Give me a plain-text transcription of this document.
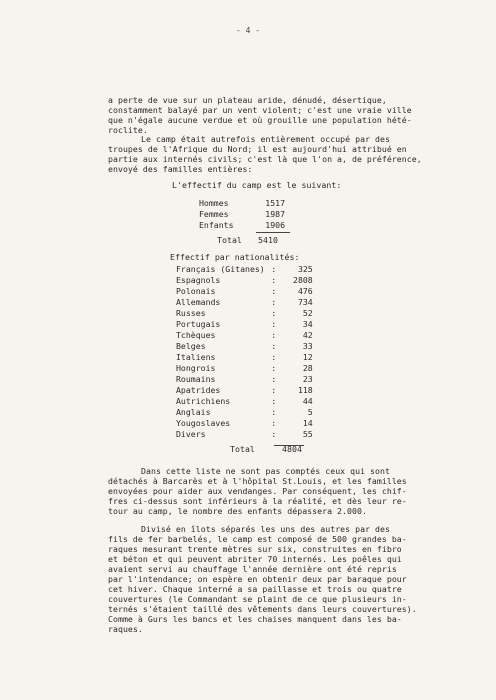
- 4 -
a perte de vue sur un plateau aride, dénudé, désertique,
constamment balayé par un vent violent; c'est une vraie ville
que n'égale aucune verdue et où grouille une population hété-
roclite.
Le camp était autrefois entièrement occupé par des
troupes de l'Afrique du Nord; il est aujourd'hui attribué en
partie aux internés civils; c'est là que l'on a, de préférence,
envoyé des familles entières:
L'effectif du camp est le suivant:
Hommes	1517
Femmes	1987
Enfants	1906
Total 5410
Effectif par nationalités:
Français (Gitanes)	:	325
Espagnols	:	2808
Polonais	:	476
Allemands	:	734
Russes	:	52
Portugais	:	34
Tchèques	:	42
Belges	:	33
Italiens	:	12
Hongrois	:	28
Roumains	:	23
Apatrides	:	118
Autrichiens	:	44
Anglais	:	5
Yougoslaves	:	14
Divers	:	55
Total	4804
Dans cette liste ne sont pas comptés ceux qui sont
détachés à Barcarès et à l'hôpital St.Louis, et les familles
envoyées pour aider aux vendanges. Par conséquent, les chif-
fres ci-dessus sont inférieurs à la réalité, et dès leur re-
tour au camp, le nombre des enfants dépassera 2.000.
Divisé en îlots séparés les uns des autres par des
fils de fer barbelés, le camp est composé de 500 grandes ba-
raques mesurant trente mètres sur six, construites en fibro
et béton et qui peuvent abriter 70 internés. Les poêles qui
avaient servi au chauffage l'année dernière ont été repris
par l'intendance; on espère en obtenir deux par baraque pour
cet hiver. Chaque interné a sa paillasse et trois ou quatre
couvertures (le Commandant se plaint de ce que plusieurs in-
ternés s'étaient taillé des vêtements dans leurs couvertures).
Comme à Gurs les bancs et les chaises manquent dans les ba-
raques.
